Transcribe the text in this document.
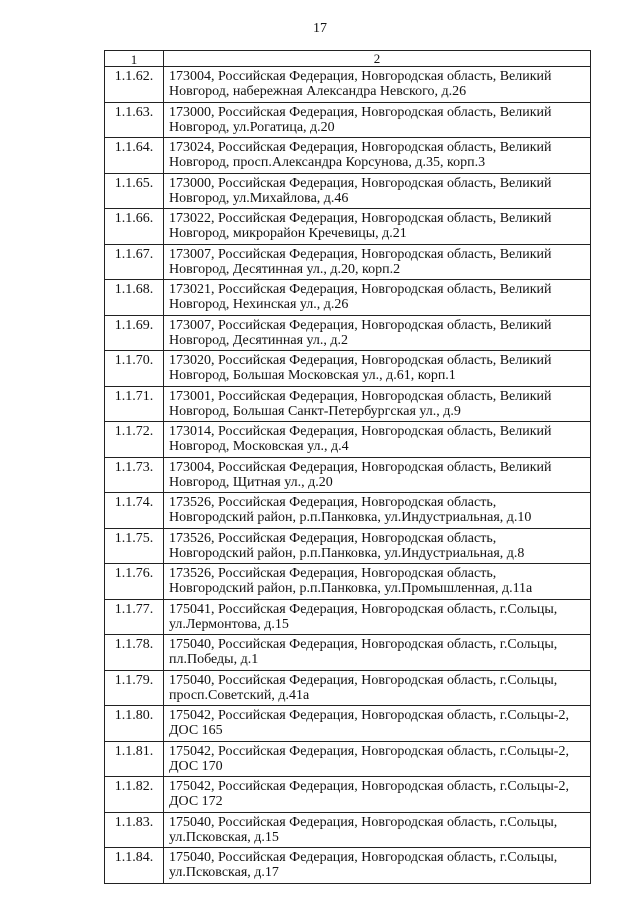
17
1	2
1.1.62.	173004, Российская Федерация, Новгородская область, Великий
Новгород, набережная Александра Невского, д.26

1.1.63.	173000, Российская Федерация, Новгородская область, Великий
Новгород, ул.Рогатица, д.20

1.1.64.	173024, Российская Федерация, Новгородская область, Великий
Новгород, просп.Александра Корсунова, д.35, корп.3

1.1.65.	173000, Российская Федерация, Новгородская область, Великий
Новгород, ул.Михайлова, д.46

1.1.66.	173022, Российская Федерация, Новгородская область, Великий
Новгород, микрорайон Кречевицы, д.21

1.1.67.	173007, Российская Федерация, Новгородская область, Великий
Новгород, Десятинная ул., д.20, корп.2

1.1.68.	173021, Российская Федерация, Новгородская область, Великий
Новгород, Нехинская ул., д.26

1.1.69.	173007, Российская Федерация, Новгородская область, Великий
Новгород, Десятинная ул., д.2

1.1.70.	173020, Российская Федерация, Новгородская область, Великий
Новгород, Большая Московская ул., д.61, корп.1

1.1.71.	173001, Российская Федерация, Новгородская область, Великий
Новгород, Большая Санкт-Петербургская ул., д.9

1.1.72.	173014, Российская Федерация, Новгородская область, Великий
Новгород, Московская ул., д.4

1.1.73.	173004, Российская Федерация, Новгородская область, Великий
Новгород, Щитная ул., д.20

1.1.74.	173526, Российская Федерация, Новгородская область,
Новгородский район, р.п.Панковка, ул.Индустриальная, д.10

1.1.75.	173526, Российская Федерация, Новгородская область,
Новгородский район, р.п.Панковка, ул.Индустриальная, д.8

1.1.76.	173526, Российская Федерация, Новгородская область,
Новгородский район, р.п.Панковка, ул.Промышленная, д.11а

1.1.77.	175041, Российская Федерация, Новгородская область, г.Сольцы,
ул.Лермонтова, д.15

1.1.78.	175040, Российская Федерация, Новгородская область, г.Сольцы,
пл.Победы, д.1

1.1.79.	175040, Российская Федерация, Новгородская область, г.Сольцы,
просп.Советский, д.41а

1.1.80.	175042, Российская Федерация, Новгородская область, г.Сольцы-2,
ДОС 165

1.1.81.	175042, Российская Федерация, Новгородская область, г.Сольцы-2,
ДОС 170

1.1.82.	175042, Российская Федерация, Новгородская область, г.Сольцы-2,
ДОС 172

1.1.83.	175040, Российская Федерация, Новгородская область, г.Сольцы,
ул.Псковская, д.15

1.1.84.	175040, Российская Федерация, Новгородская область, г.Сольцы,
ул.Псковская, д.17
